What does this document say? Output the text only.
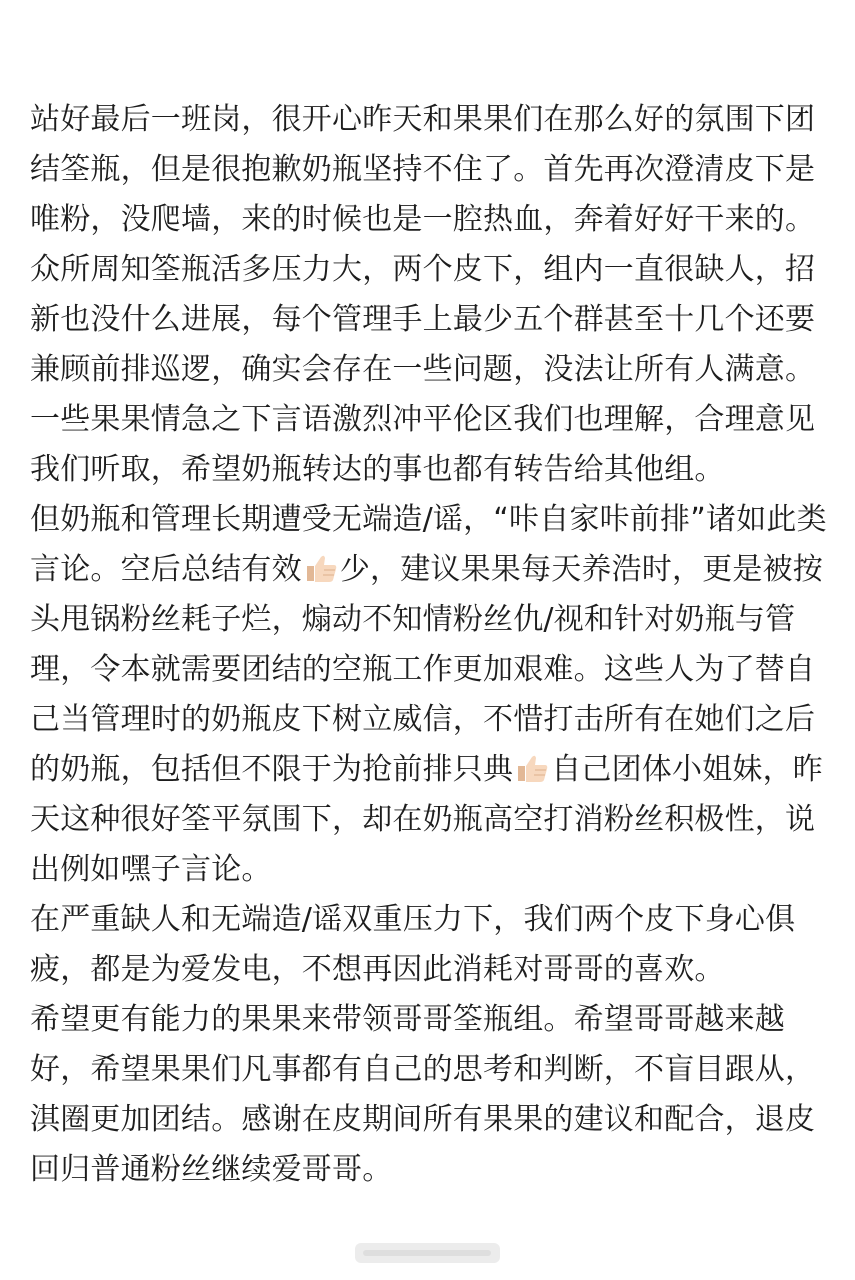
站好最后一班岗，很开心昨天和果果们在那么好的氛围下团
结筌瓶，但是很抱歉奶瓶坚持不住了。首先再次澄清皮下是
唯粉，没爬墙，来的时候也是一腔热血，奔着好好干来的。
众所周知筌瓶活多压力大，两个皮下，组内一直很缺人，招
新也没什么进展，每个管理手上最少五个群甚至十几个还要
兼顾前排巡逻，确实会存在一些问题，没法让所有人满意。
一些果果情急之下言语激烈冲平伦区我们也理解，合理意见
我们听取，希望奶瓶转达的事也都有转告给其他组。
但奶瓶和管理长期遭受无端造/谣，“咔自家咔前排”诸如此类
言论。空后总结有效 少，建议果果每天养浩时，更是被按
头甩锅粉丝耗子烂，煽动不知情粉丝仇/视和针对奶瓶与管
理，令本就需要团结的空瓶工作更加艰难。这些人为了替自
己当管理时的奶瓶皮下树立威信，不惜打击所有在她们之后
的奶瓶，包括但不限于为抢前排只典 自己团体小姐妹，昨
天这种很好筌平氛围下，却在奶瓶高空打消粉丝积极性，说
出例如嘿子言论。
在严重缺人和无端造/谣双重压力下，我们两个皮下身心俱
疲，都是为爱发电，不想再因此消耗对哥哥的喜欢。
希望更有能力的果果来带领哥哥筌瓶组。希望哥哥越来越
好，希望果果们凡事都有自己的思考和判断，不盲目跟从，
淇圈更加团结。感谢在皮期间所有果果的建议和配合，退皮
回归普通粉丝继续爱哥哥。
